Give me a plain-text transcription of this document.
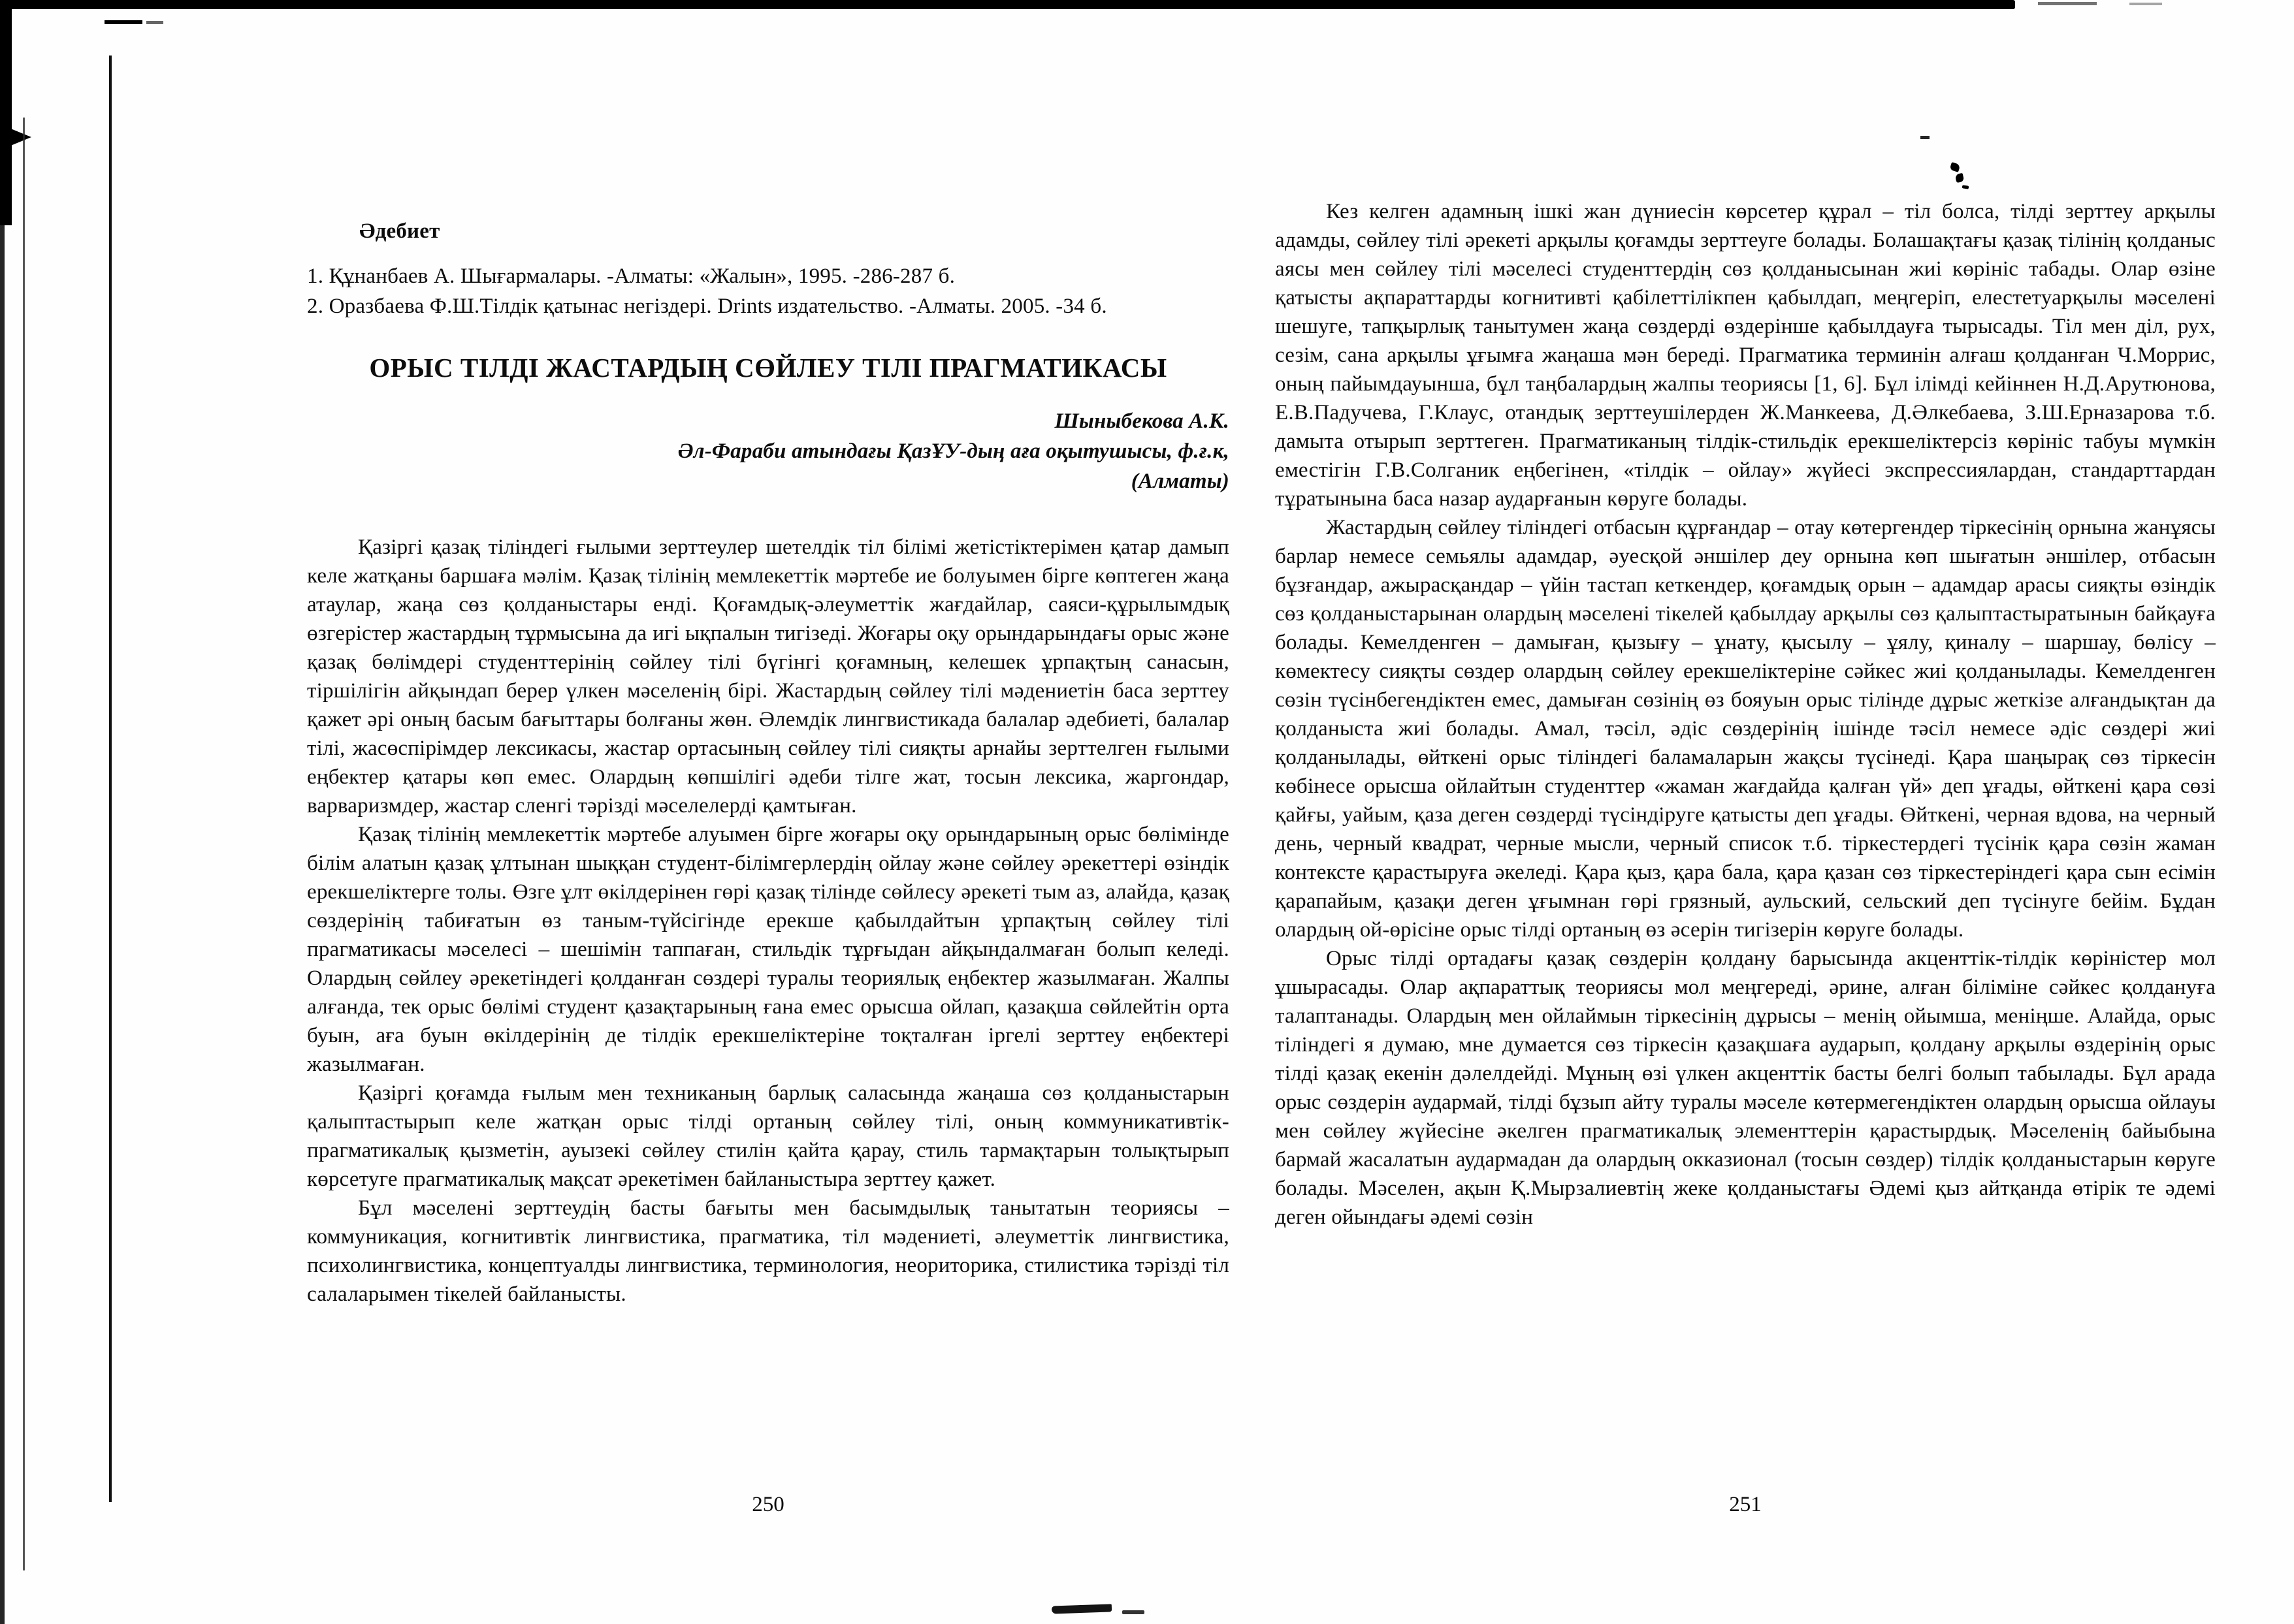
Әдебиет
1. Құнанбаев А. Шығармалары. -Алматы: «Жалын», 1995. -286-287 б.
2. Оразбаева Ф.Ш.Тілдік қатынас негіздері. Drints издательство. -Алматы. 2005. -34 б.
ОРЫС ТІЛДІ ЖАСТАРДЫҢ СӨЙЛЕУ ТІЛІ ПРАГМАТИКАСЫ
Шыныбекова А.К.
Әл-Фараби атындағы ҚазҰУ-дың аға оқытушысы, ф.ғ.к,
(Алматы)

Қазіргі қазақ тіліндегі ғылыми зерттеулер шетелдік тіл білімі жетістіктерімен қатар дамып келе жатқаны баршаға мәлім. Қазақ тілінің мемлекеттік мәртебе ие болуымен бірге көптеген жаңа атаулар, жаңа сөз қолданыстары енді. Қоғамдық-әлеуметтік жағдайлар, саяси-құрылымдық өзгерістер жастардың тұрмысына да игі ықпалын тигізеді. Жоғары оқу орындарындағы орыс және қазақ бөлімдері студенттерінің сөйлеу тілі бүгінгі қоғамның, келешек ұрпақтың санасын, тіршілігін айқындап берер үлкен мәселенің бірі. Жастардың сөйлеу тілі мәдениетін баса зерттеу қажет әрі оның басым бағыттары болғаны жөн. Әлемдік лингвистикада балалар әдебиеті, балалар тілі, жасөспірімдер лексикасы, жастар ортасының сөйлеу тілі сияқты арнайы зерттелген ғылыми еңбектер қатары көп емес. Олардың көпшілігі әдеби тілге жат, тосын лексика, жаргондар, варваризмдер, жастар сленгі тәрізді мәселелерді қамтыған.

Қазақ тілінің мемлекеттік мәртебе алуымен бірге жоғары оқу орындарының орыс бөлімінде білім алатын қазақ ұлтынан шыққан студент-білімгерлердің ойлау және сөйлеу әрекеттері өзіндік ерекшеліктерге толы. Өзге ұлт өкілдерінен гөрі қазақ тілінде сөйлесу әрекеті тым аз, алайда, қазақ сөздерінің табиғатын өз таным-түйсігінде ерекше қабылдайтын ұрпақтың сөйлеу тілі прагматикасы мәселесі – шешімін таппаған, стильдік тұрғыдан айқындалмаған болып келеді. Олардың сөйлеу әрекетіндегі қолданған сөздері туралы теориялық еңбектер жазылмаған. Жалпы алғанда, тек орыс бөлімі студент қазақтарының ғана емес орысша ойлап, қазақша сөйлейтін орта буын, аға буын өкілдерінің де тілдік ерекшеліктеріне тоқталған іргелі зерттеу еңбектері жазылмаған.

Қазіргі қоғамда ғылым мен техниканың барлық саласында жаңаша сөз қолданыстарын қалыптастырып келе жатқан орыс тілді ортаның сөйлеу тілі, оның коммуникативтік-прагматикалық қызметін, ауызекі сөйлеу стилін қайта қарау, стиль тармақтарын толықтырып көрсетуге прагматикалық мақсат әрекетімен байланыстыра зерттеу қажет.

Бұл мәселені зерттеудің басты бағыты мен басымдылық танытатын теориясы – коммуникация, когнитивтік лингвистика, прагматика, тіл мәдениеті, әлеуметтік лингвистика, психолингвистика, концептуалды лингвистика, терминология, неориторика, стилистика тәрізді тіл салаларымен тікелей байланысты.

Кез келген адамның ішкі жан дүниесін көрсетер құрал – тіл болса, тілді зерттеу арқылы адамды, сөйлеу тілі әрекеті арқылы қоғамды зерттеуге болады. Болашақтағы қазақ тілінің қолданыс аясы мен сөйлеу тілі мәселесі студенттердің сөз қолданысынан жиі көрініс табады. Олар өзіне қатысты ақпараттарды когнитивті қабілеттілікпен қабылдап, меңгеріп, елестетуарқылы мәселені шешуге, тапқырлық танытумен жаңа сөздерді өздерінше қабылдауға тырысады. Тіл мен діл, рух, сезім, сана арқылы ұғымға жаңаша мән береді. Прагматика терминін алғаш қолданған Ч.Моррис, оның пайымдауынша, бұл таңбалардың жалпы теориясы [1, 6]. Бұл ілімді кейіннен Н.Д.Арутюнова, Е.В.Падучева, Г.Клаус, отандық зерттеушілерден Ж.Манкеева, Д.Әлкебаева, З.Ш.Ерназарова т.б. дамыта отырып зерттеген. Прагматиканың тілдік-стильдік ерекшеліктерсіз көрініс табуы мүмкін еместігін Г.В.Солганик еңбегінен, «тілдік – ойлау» жүйесі экспрессиялардан, стандарттардан тұратынына баса назар аударғанын көруге болады.

Жастардың сөйлеу тіліндегі отбасын құрғандар – отау көтергендер тіркесінің орнына жанұясы барлар немесе семьялы адамдар, әуесқой әншілер деу орнына көп шығатын әншілер, отбасын бұзғандар, ажырасқандар – үйін тастап кеткендер, қоғамдық орын – адамдар арасы сияқты өзіндік сөз қолданыстарынан олардың мәселені тікелей қабылдау арқылы сөз қалыптастыратынын байқауға болады. Кемелденген – дамыған, қызығу – ұнату, қысылу – ұялу, қиналу – шаршау, бөлісу – көмектесу сияқты сөздер олардың сөйлеу ерекшеліктеріне сәйкес жиі қолданылады. Кемелденген сөзін түсінбегендіктен емес, дамыған сөзінің өз бояуын орыс тілінде дұрыс жеткізе алғандықтан да қолданыста жиі болады. Амал, тәсіл, әдіс сөздерінің ішінде тәсіл немесе әдіс сөздері жиі қолданылады, өйткені орыс тіліндегі баламаларын жақсы түсінеді. Қара шаңырақ сөз тіркесін көбінесе орысша ойлайтын студенттер «жаман жағдайда қалған үй» деп ұғады, өйткені қара сөзі қайғы, уайым, қаза деген сөздерді түсіндіруге қатысты деп ұғады. Өйткені, черная вдова, на черный день, черный квадрат, черные мысли, черный список т.б. тіркестердегі түсінік қара сөзін жаман контексте қарастыруға әкеледі. Қара қыз, қара бала, қара қазан сөз тіркестеріндегі қара сын есімін қарапайым, қазақи деген ұғымнан гөрі грязный, аульский, сельский деп түсінуге бейім. Бұдан олардың ой-өрісіне орыс тілді ортаның өз әсерін тигізерін көруге болады.

Орыс тілді ортадағы қазақ сөздерін қолдану барысында акценттік-тілдік көріністер мол ұшырасады. Олар ақпараттық теориясы мол меңгереді, әрине, алған біліміне сәйкес қолдануға талаптанады. Олардың мен ойлаймын тіркесінің дұрысы – менің ойымша, меніңше. Алайда, орыс тіліндегі я думаю, мне думается сөз тіркесін қазақшаға аударып, қолдану арқылы өздерінің орыс тілді қазақ екенін дәлелдейді. Мұның өзі үлкен акценттік басты белгі болып табылады. Бұл арада орыс сөздерін аудармай, тілді бұзып айту туралы мәселе көтермегендіктен олардың орысша ойлауы мен сөйлеу жүйесіне әкелген прагматикалық элементтерін қарастырдық. Мәселенің байыбына бармай жасалатын аудармадан да олардың окказионал (тосын сөздер) тілдік қолданыстарын көруге болады. Мәселен, ақын Қ.Мырзалиевтің жеке қолданыстағы Әдемі қыз айтқанда өтірік те әдемі деген ойындағы әдемі сөзін

250	251
